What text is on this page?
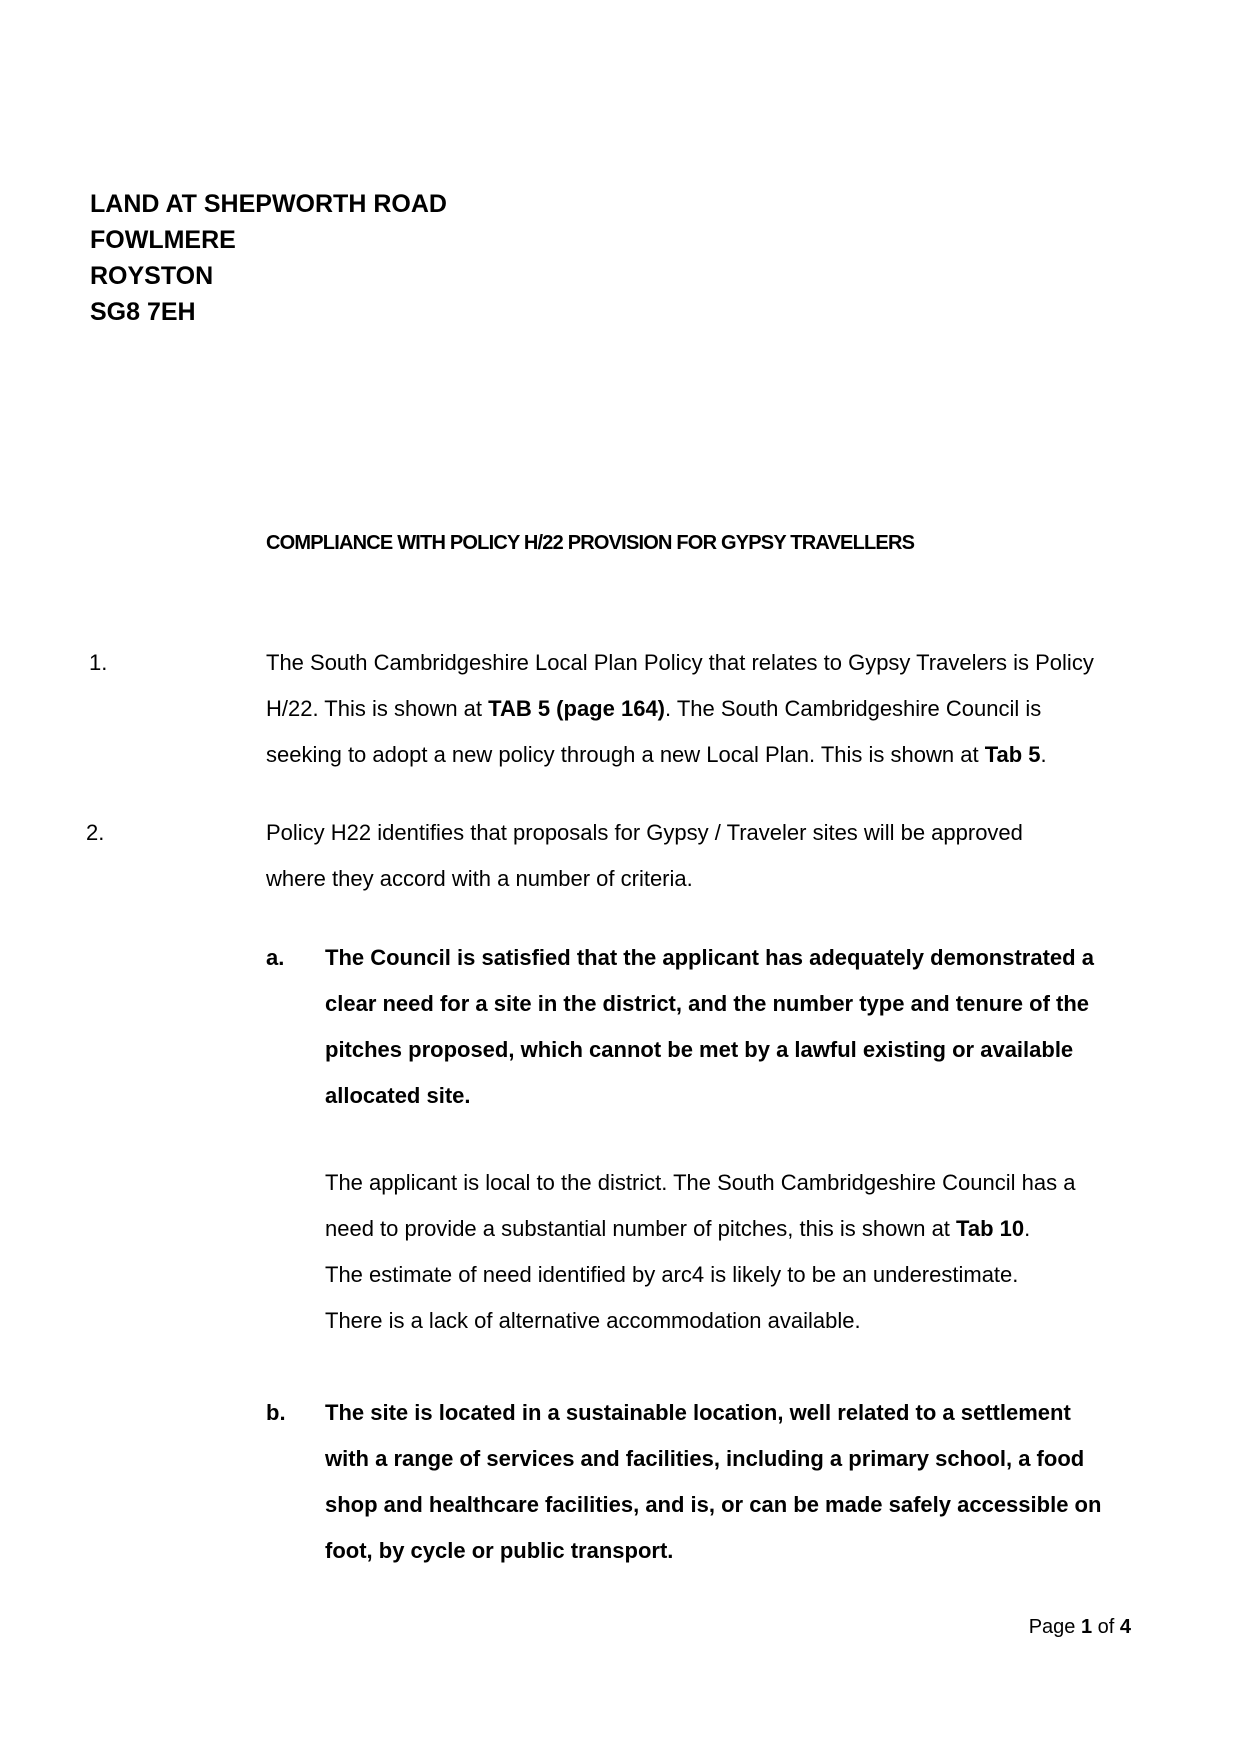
LAND AT SHEPWORTH ROAD
FOWLMERE
ROYSTON
SG8 7EH
COMPLIANCE WITH POLICY H/22 PROVISION FOR GYPSY TRAVELLERS
1.	The South Cambridgeshire Local Plan Policy that relates to Gypsy Travelers is Policy
H/22. This is shown at TAB 5 (page 164). The South Cambridgeshire Council is
seeking to adopt a new policy through a new Local Plan. This is shown at Tab 5.
2.	Policy H22 identifies that proposals for Gypsy / Traveler sites will be approved
where they accord with a number of criteria.
a. The Council is satisfied that the applicant has adequately demonstrated a
clear need for a site in the district, and the number type and tenure of the
pitches proposed, which cannot be met by a lawful existing or available
allocated site.
The applicant is local to the district. The South Cambridgeshire Council has a
need to provide a substantial number of pitches, this is shown at Tab 10.
The estimate of need identified by arc4 is likely to be an underestimate.
There is a lack of alternative accommodation available.
b. The site is located in a sustainable location, well related to a settlement
with a range of services and facilities, including a primary school, a food
shop and healthcare facilities, and is, or can be made safely accessible on
foot, by cycle or public transport.
Page 1 of 4
